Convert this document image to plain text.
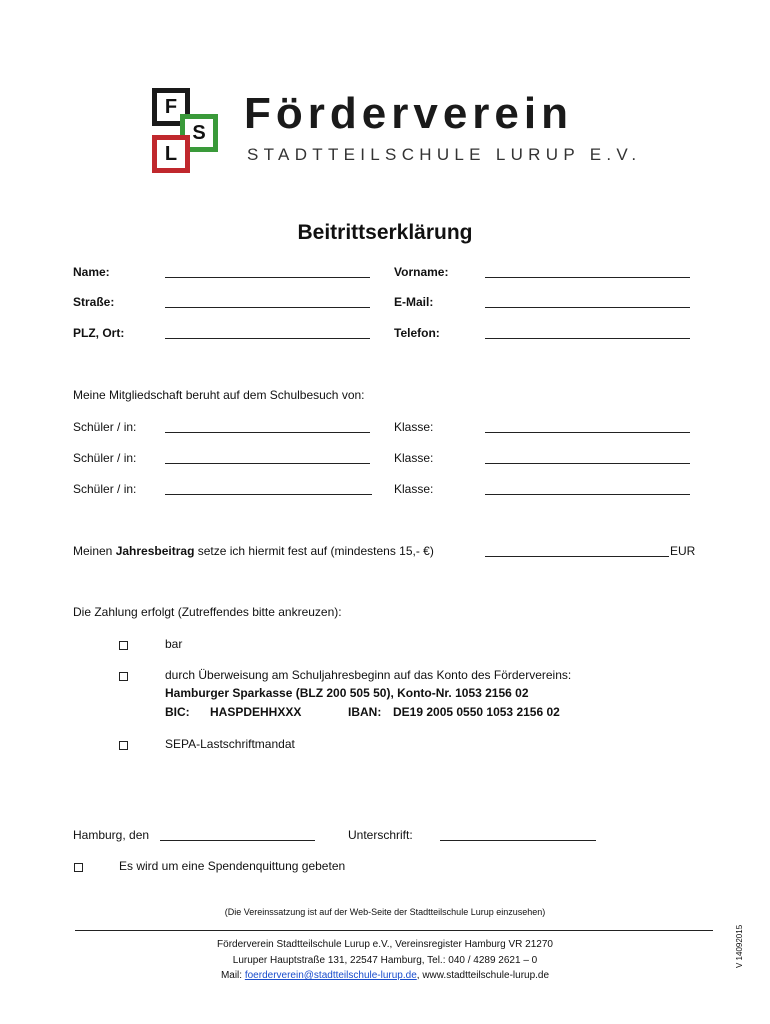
F
S
L
Förderverein
STADTTEILSCHULE LURUP E.V.
Beitrittserklärung
Name:	Vorname:
Straße:	E-Mail:
PLZ, Ort:	Telefon:
Meine Mitgliedschaft beruht auf dem Schulbesuch von:
Schüler / in:	Klasse:
Schüler / in:	Klasse:
Schüler / in:	Klasse:
Meinen Jahresbeitrag setze ich hiermit fest auf (mindestens 15,- €)	EUR
Die Zahlung erfolgt (Zutreffendes bitte ankreuzen):
bar
durch Überweisung am Schuljahresbeginn auf das Konto des Fördervereins:
Hamburger Sparkasse (BLZ 200 505 50), Konto-Nr. 1053 2156 02
BIC: HASPDEHHXXX	IBAN: DE19 2005 0550 1053 2156 02
SEPA-Lastschriftmandat
Hamburg, den	Unterschrift:
Es wird um eine Spendenquittung gebeten
(Die Vereinssatzung ist auf der Web-Seite der Stadtteilschule Lurup einzusehen)
Förderverein Stadtteilschule Lurup e.V., Vereinsregister Hamburg VR 21270
Luruper Hauptstraße 131, 22547 Hamburg, Tel.: 040 / 4289 2621 – 0
Mail: foerderverein@stadtteilschule-lurup.de, www.stadtteilschule-lurup.de
V 14092015
